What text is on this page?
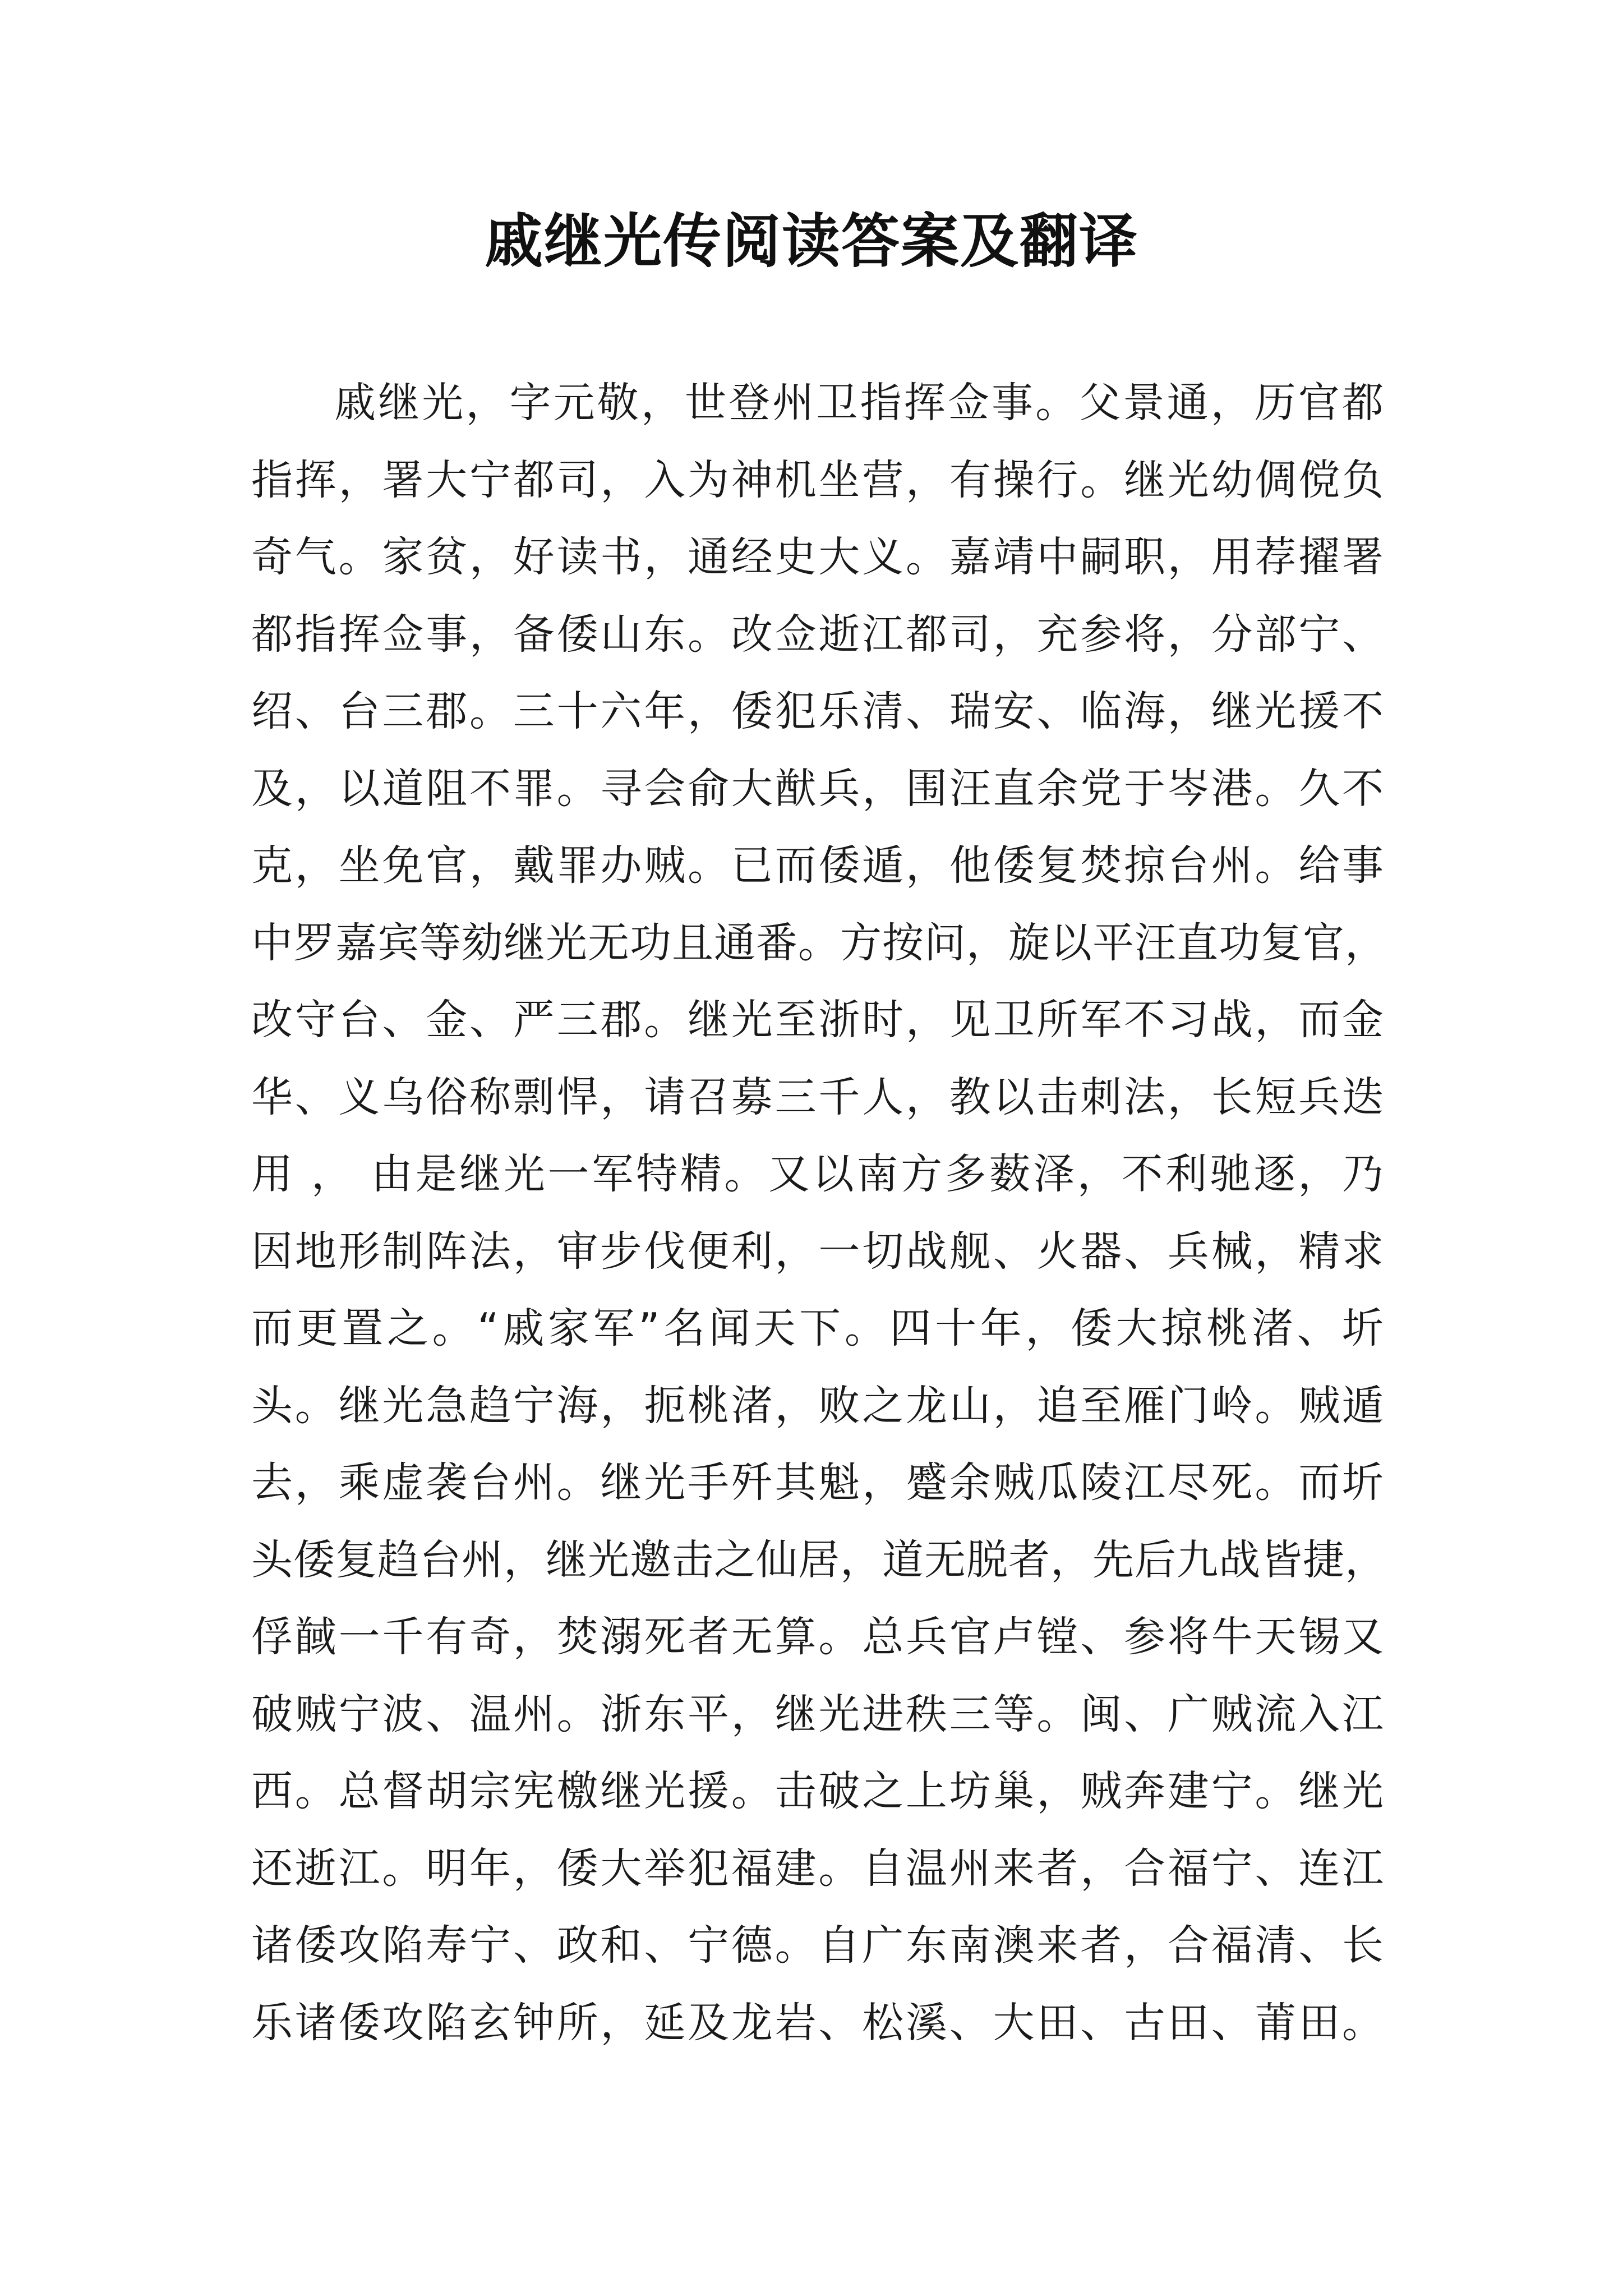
戚继光传阅读答案及翻译
戚继光，字元敬，世登州卫指挥佥事。父景通，历官都
指挥，署大宁都司，入为神机坐营，有操行。继光幼倜傥负
奇气。家贫，好读书，通经史大义。嘉靖中嗣职，用荐擢署
都指挥佥事，备倭山东。改佥逝江都司，充参将，分部宁、
绍、台三郡。三十六年，倭犯乐清、瑞安、临海，继光援不
及，以道阻不罪。寻会俞大猷兵，围汪直余党于岑港。久不
克，坐免官，戴罪办贼。已而倭遁，他倭复焚掠台州。给事
中罗嘉宾等劾继光无功且通番。方按问，旋以平汪直功复官，
改守台、金、严三郡。继光至浙时，见卫所军不习战，而金
华、义乌俗称剽悍，请召募三千人，教以击刺法，长短兵迭
用 ， 由是继光一军特精。又以南方多薮泽，不利驰逐，乃
因地形制阵法，审步伐便利，一切战舰、火器、兵械，精求
而更置之。“戚家军”名闻天下。四十年，倭大掠桃渚、圻
头。继光急趋宁海，扼桃渚，败之龙山，追至雁门岭。贼遁
去，乘虚袭台州。继光手歼其魁，蹙余贼瓜陵江尽死。而圻
头倭复趋台州，继光邀击之仙居，道无脱者，先后九战皆捷，
俘馘一千有奇，焚溺死者无算。总兵官卢镗、参将牛天锡又
破贼宁波、温州。浙东平，继光进秩三等。闽、广贼流入江
西。总督胡宗宪檄继光援。击破之上坊巢，贼奔建宁。继光
还逝江。明年，倭大举犯福建。自温州来者，合福宁、连江
诸倭攻陷寿宁、政和、宁德。自广东南澳来者，合福清、长
乐诸倭攻陷玄钟所，延及龙岩、松溪、大田、古田、莆田。
